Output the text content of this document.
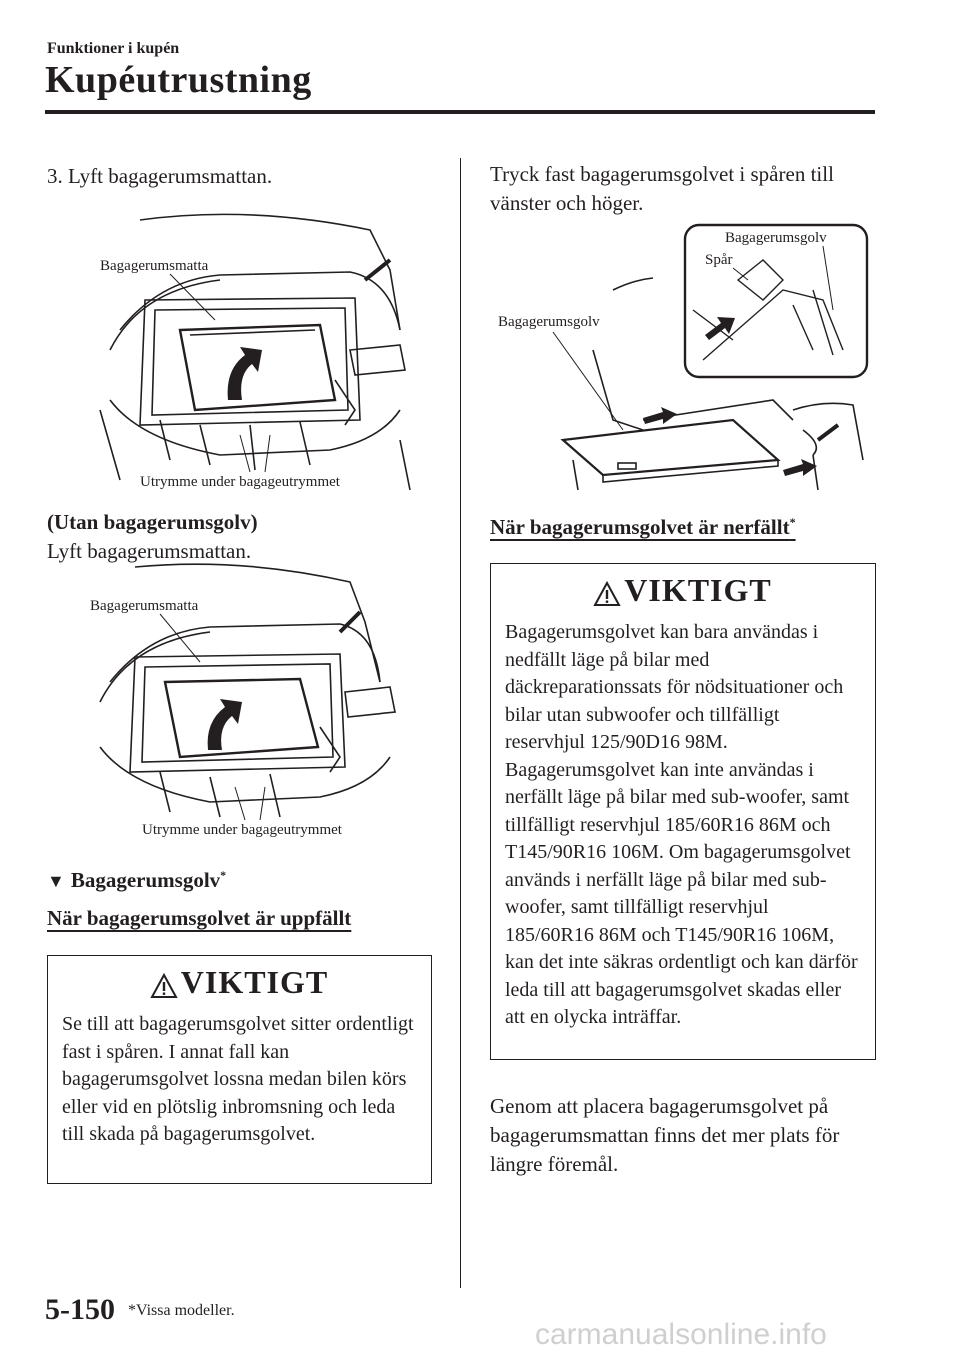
Funktioner i kupén
Kupéutrustning
3. Lyft bagagerumsmattan.
Bagagerumsmatta
Utrymme under bagageutrymmet
(Utan bagagerumsgolv)
Lyft bagagerumsmattan.
Bagagerumsmatta
Utrymme under bagageutrymmet
▼ Bagagerumsgolv*
När bagagerumsgolvet är uppfällt
VIKTIGT
Se till att bagagerumsgolvet sitter ordentligt fast i spåren. I annat fall kan bagagerumsgolvet lossna medan bilen körs eller vid en plötslig inbromsning och leda till skada på bagagerumsgolvet.
Tryck fast bagagerumsgolvet i spåren till vänster och höger.
Bagagerumsgolv
Spår
Bagagerumsgolv
När bagagerumsgolvet är nerfällt*
VIKTIGT
Bagagerumsgolvet kan bara användas i nedfällt läge på bilar med däckreparationssats för nödsituationer och bilar utan subwoofer och tillfälligt reservhjul 125/90D16 98M. Bagagerumsgolvet kan inte användas i nerfällt läge på bilar med sub-woofer, samt tillfälligt reservhjul 185/60R16 86M och T145/90R16 106M. Om bagagerumsgolvet används i nerfällt läge på bilar med sub-woofer, samt tillfälligt reservhjul 185/60R16 86M och T145/90R16 106M, kan det inte säkras ordentligt och kan därför leda till att bagagerumsgolvet skadas eller att en olycka inträffar.
Genom att placera bagagerumsgolvet på bagagerumsmattan finns det mer plats för längre föremål.
5-150 *Vissa modeller.
carmanualsonline.info
